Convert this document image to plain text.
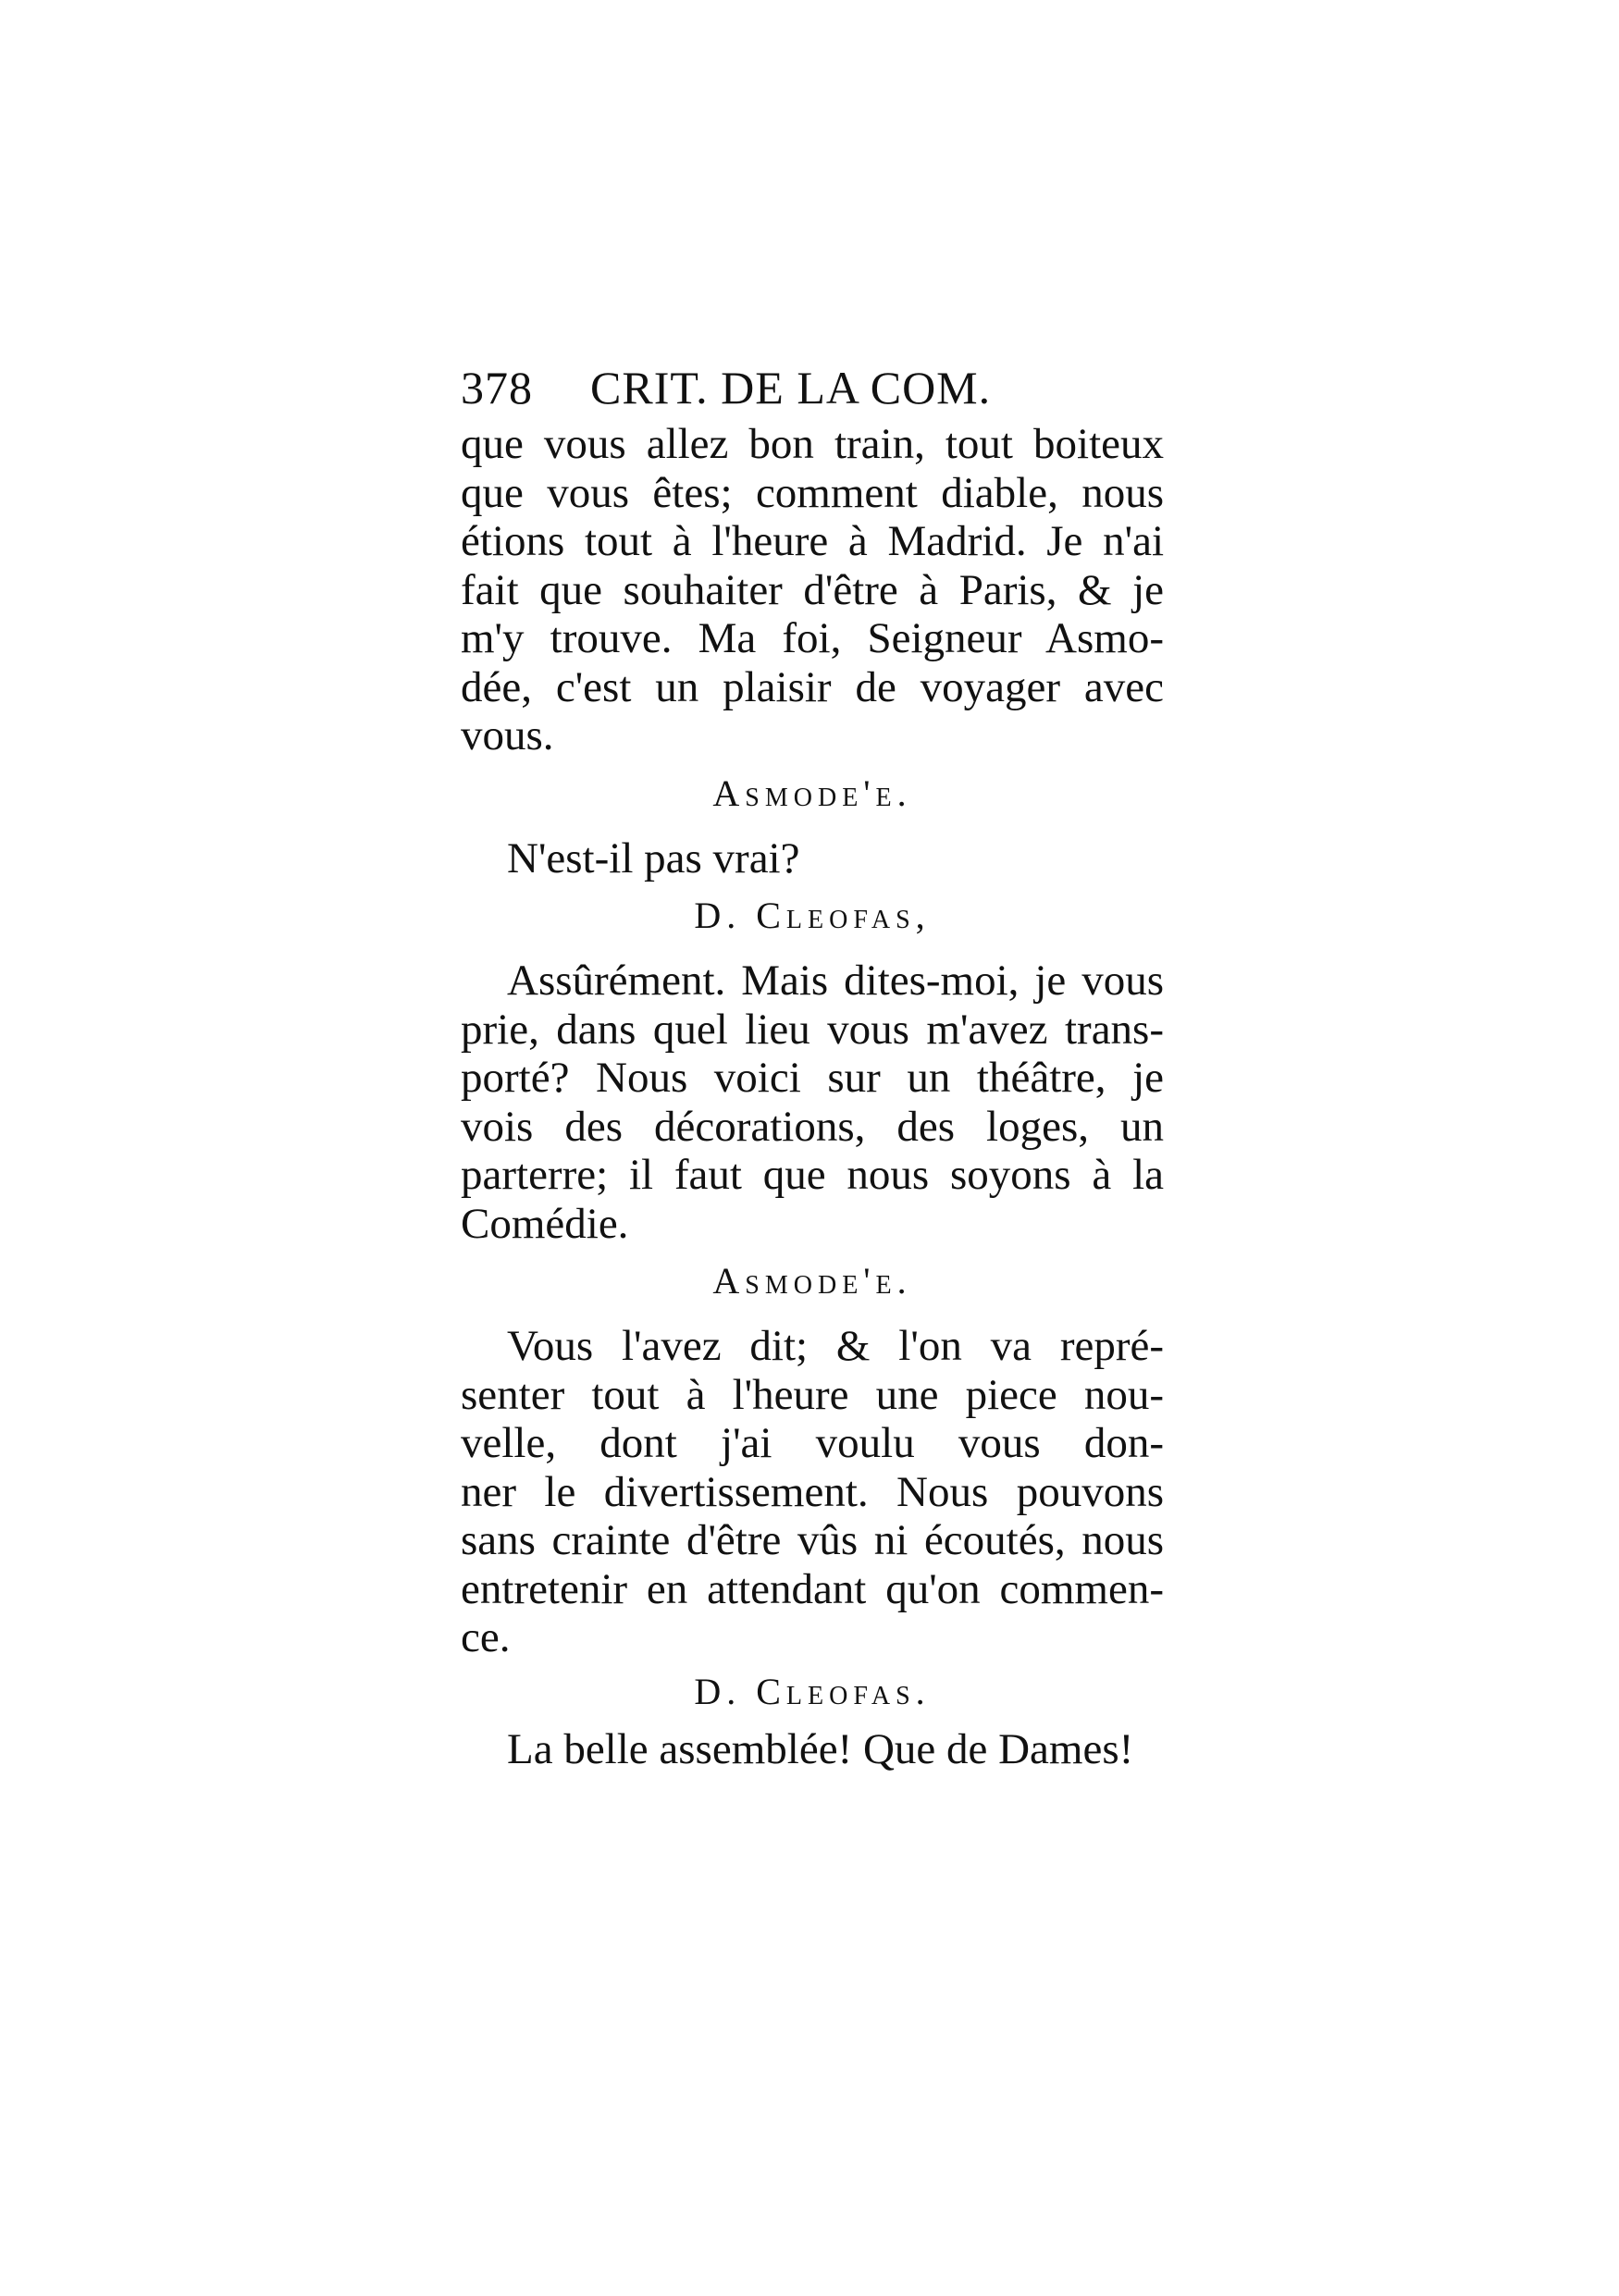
378	CRIT. DE LA COM.

que vous allez bon train, tout boiteux
que vous êtes; comment diable, nous
étions tout à l'heure à Madrid. Je n'ai
fait que souhaiter d'être à Paris, & je
m'y trouve. Ma foi, Seigneur Asmo-
dée, c'est un plaisir de voyager avec
vous.

Asmode'e.

N'est-il pas vrai?

D. Cleofas,

Assûrément. Mais dites-moi, je vous
prie, dans quel lieu vous m'avez trans-
porté? Nous voici sur un théâtre, je
vois des décorations, des loges, un
parterre; il faut que nous soyons à la
Comédie.

Asmode'e.

Vous l'avez dit; & l'on va repré-
senter tout à l'heure une piece nou-
velle, dont j'ai voulu vous don-
ner le divertissement. Nous pouvons
sans crainte d'être vûs ni écoutés, nous
entretenir en attendant qu'on commen-
ce.

D. Cleofas.

La belle assemblée! Que de Dames!
